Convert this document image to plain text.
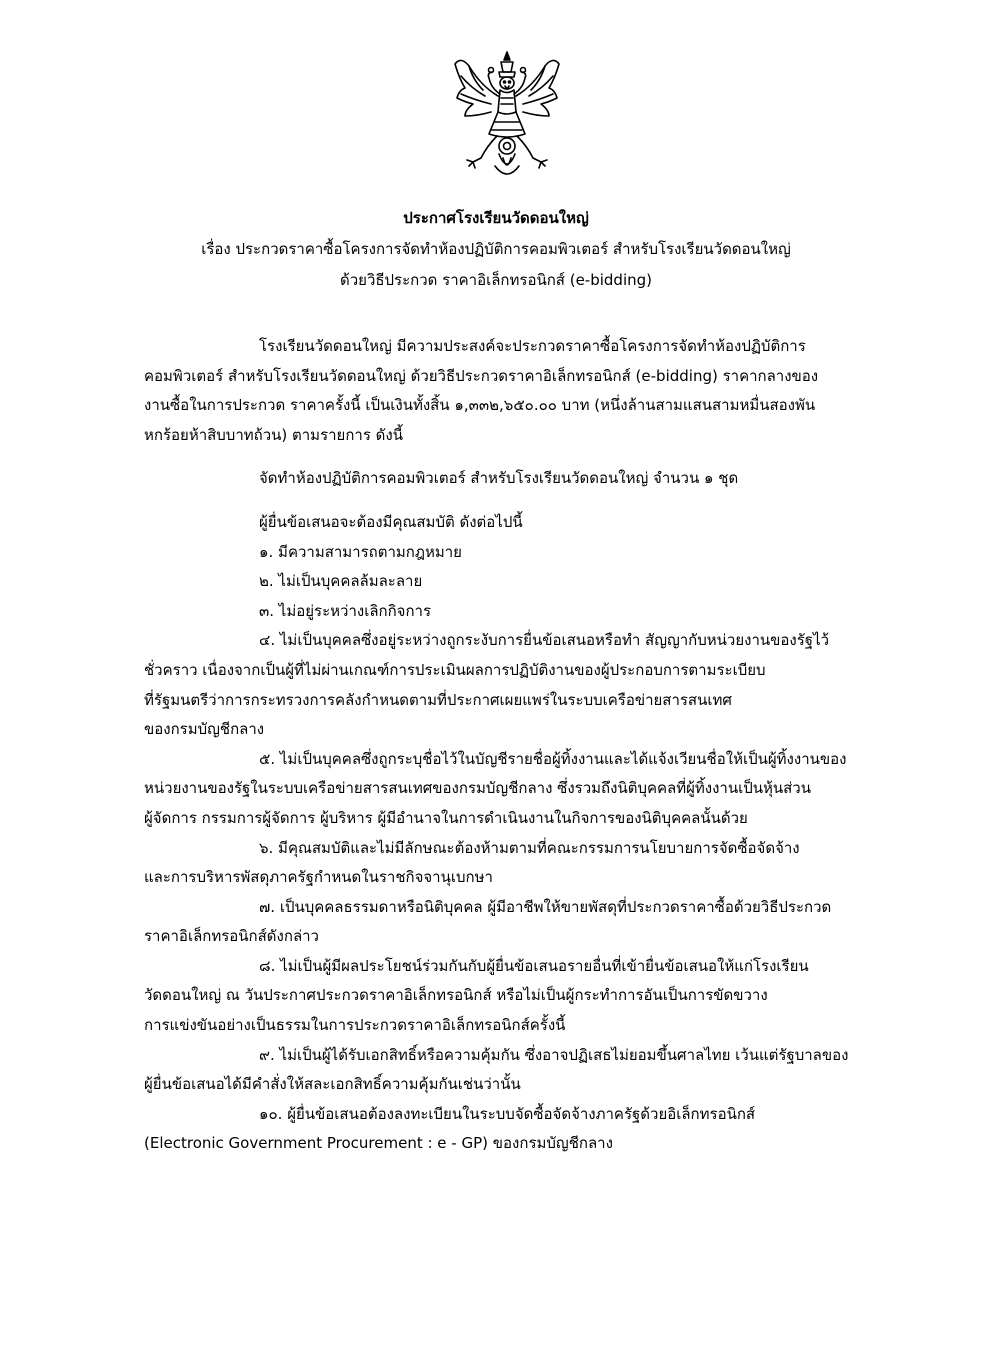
ประกาศโรงเรียนวัดดอนใหญ่
เรื่อง ประกวดราคาซื้อโครงการจัดทำห้องปฏิบัติการคอมพิวเตอร์ สำหรับโรงเรียนวัดดอนใหญ่
ด้วยวิธีประกวด ราคาอิเล็กทรอนิกส์ (e-bidding)
โรงเรียนวัดดอนใหญ่ มีความประสงค์จะประกวดราคาซื้อโครงการจัดทำห้องปฏิบัติการ
คอมพิวเตอร์ สำหรับโรงเรียนวัดดอนใหญ่ ด้วยวิธีประกวดราคาอิเล็กทรอนิกส์ (e-bidding) ราคากลางของ
งานซื้อในการประกวด ราคาครั้งนี้ เป็นเงินทั้งสิ้น ๑,๓๓๒,๖๕๐.๐๐ บาท (หนึ่งล้านสามแสนสามหมื่นสองพัน
หกร้อยห้าสิบบาทถ้วน) ตามรายการ ดังนี้
จัดทำห้องปฏิบัติการคอมพิวเตอร์ สำหรับโรงเรียนวัดดอนใหญ่ จำนวน ๑ ชุด
ผู้ยื่นข้อเสนอจะต้องมีคุณสมบัติ ดังต่อไปนี้
๑. มีความสามารถตามกฎหมาย
๒. ไม่เป็นบุคคลล้มละลาย
๓. ไม่อยู่ระหว่างเลิกกิจการ
๔. ไม่เป็นบุคคลซึ่งอยู่ระหว่างถูกระงับการยื่นข้อเสนอหรือทำ สัญญากับหน่วยงานของรัฐไว้
ชั่วคราว เนื่องจากเป็นผู้ที่ไม่ผ่านเกณฑ์การประเมินผลการปฏิบัติงานของผู้ประกอบการตามระเบียบ
ที่รัฐมนตรีว่าการกระทรวงการคลังกำหนดตามที่ประกาศเผยแพร่ในระบบเครือข่ายสารสนเทศ
ของกรมบัญชีกลาง
๕. ไม่เป็นบุคคลซึ่งถูกระบุชื่อไว้ในบัญชีรายชื่อผู้ทิ้งงานและได้แจ้งเวียนชื่อให้เป็นผู้ทิ้งงานของ
หน่วยงานของรัฐในระบบเครือข่ายสารสนเทศของกรมบัญชีกลาง ซึ่งรวมถึงนิติบุคคลที่ผู้ทิ้งงานเป็นหุ้นส่วน
ผู้จัดการ กรรมการผู้จัดการ ผู้บริหาร ผู้มีอำนาจในการดำเนินงานในกิจการของนิติบุคคลนั้นด้วย
๖. มีคุณสมบัติและไม่มีลักษณะต้องห้ามตามที่คณะกรรมการนโยบายการจัดซื้อจัดจ้าง
และการบริหารพัสดุภาครัฐกำหนดในราชกิจจานุเบกษา
๗. เป็นบุคคลธรรมดาหรือนิติบุคคล ผู้มีอาชีพให้ขายพัสดุที่ประกวดราคาซื้อด้วยวิธีประกวด
ราคาอิเล็กทรอนิกส์ดังกล่าว
๘. ไม่เป็นผู้มีผลประโยชน์ร่วมกันกับผู้ยื่นข้อเสนอรายอื่นที่เข้ายื่นข้อเสนอให้แก่โรงเรียน
วัดดอนใหญ่ ณ วันประกาศประกวดราคาอิเล็กทรอนิกส์ หรือไม่เป็นผู้กระทำการอันเป็นการขัดขวาง
การแข่งขันอย่างเป็นธรรมในการประกวดราคาอิเล็กทรอนิกส์ครั้งนี้
๙. ไม่เป็นผู้ได้รับเอกสิทธิ์หรือความคุ้มกัน ซึ่งอาจปฏิเสธไม่ยอมขึ้นศาลไทย เว้นแต่รัฐบาลของ
ผู้ยื่นข้อเสนอได้มีคำสั่งให้สละเอกสิทธิ์ความคุ้มกันเช่นว่านั้น
๑๐. ผู้ยื่นข้อเสนอต้องลงทะเบียนในระบบจัดซื้อจัดจ้างภาครัฐด้วยอิเล็กทรอนิกส์
(Electronic Government Procurement : e - GP) ของกรมบัญชีกลาง
